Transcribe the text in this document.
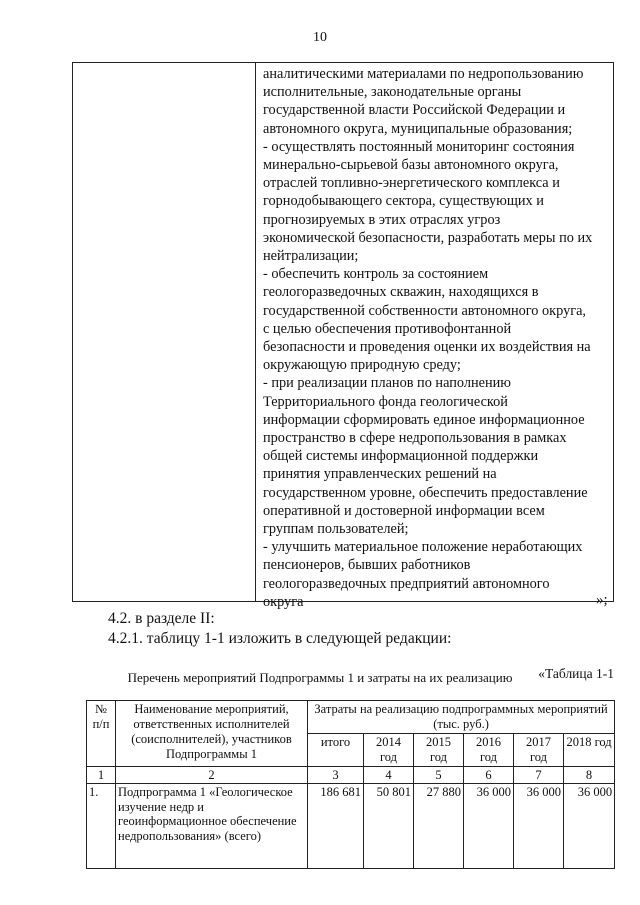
10
аналитическими материалами по недропользованию
исполнительные, законодательные органы
государственной власти Российской Федерации и
автономного округа, муниципальные образования;
- осуществлять постоянный мониторинг состояния
минерально-сырьевой базы автономного округа,
отраслей топливно-энергетического комплекса и
горнодобывающего сектора, существующих и
прогнозируемых в этих отраслях угроз
экономической безопасности, разработать меры по их
нейтрализации;
- обеспечить контроль за состоянием
геологоразведочных скважин, находящихся в
государственной собственности автономного округа,
с целью обеспечения противофонтанной
безопасности и проведения оценки их воздействия на
окружающую природную среду;
- при реализации планов по наполнению
Территориального фонда геологической
информации сформировать единое информационное
пространство в сфере недропользования в рамках
общей системы информационной поддержки
принятия управленческих решений на
государственном уровне, обеспечить предоставление
оперативной и достоверной информации всем
группам пользователей;
- улучшить материальное положение неработающих
пенсионеров, бывших работников
геологоразведочных предприятий автономного
округа	»;
4.2. в разделе II:
4.2.1. таблицу 1-1 изложить в следующей редакции:
«Таблица 1-1
Перечень мероприятий Подпрограммы 1 и затраты на их реализацию
№ п/п	Наименование мероприятий, ответственных исполнителей (соисполнителей), участников Подпрограммы 1	Затраты на реализацию подпрограммных мероприятий (тыс. руб.)					
		итого	2014 год	2015 год	2016 год	2017 год	2018 год
1	2	3	4	5	6	7	8
1.	Подпрограмма 1 «Геологическое изучение недр и геоинформационное обеспечение недропользования» (всего)	186 681	50 801	27 880	36 000	36 000	36 000
